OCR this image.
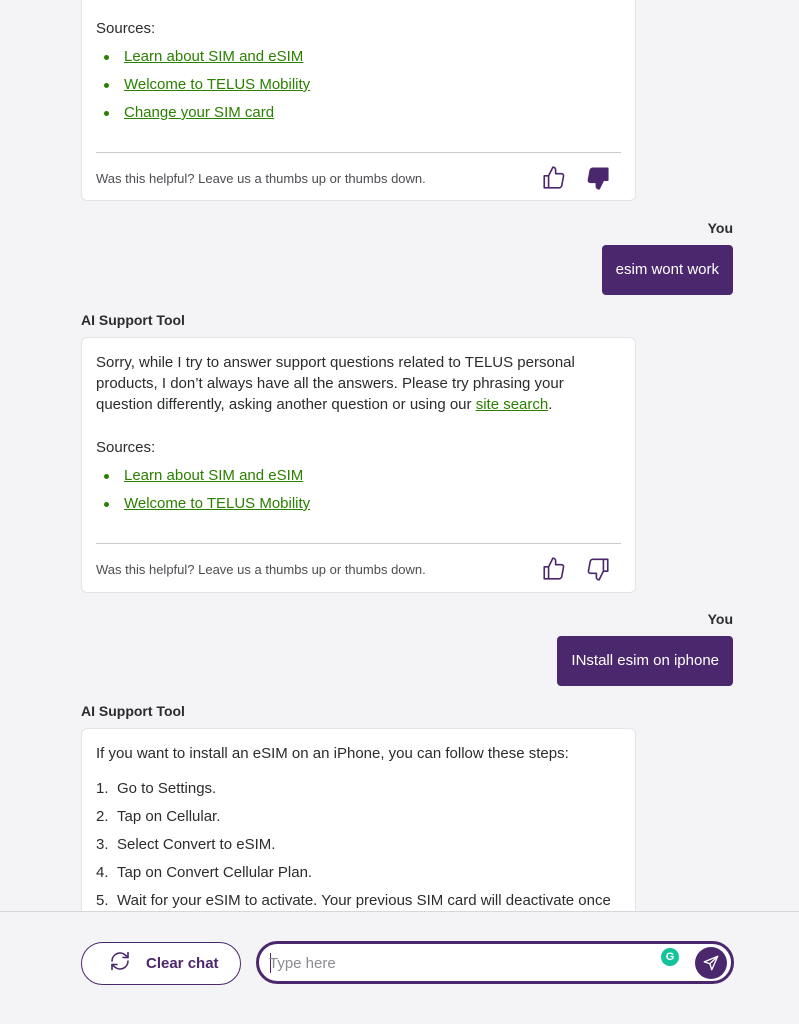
Sources:
Learn about SIM and eSIM
Welcome to TELUS Mobility
Change your SIM card
Was this helpful? Leave us a thumbs up or thumbs down.
You
esim wont work
AI Support Tool

Sorry, while I try to answer support questions related to TELUS personal products, I don’t always have all the answers. Please try phrasing your question differently, asking another question or using our site search.

Sources:
Learn about SIM and eSIM
Welcome to TELUS Mobility
Was this helpful? Leave us a thumbs up or thumbs down.
You
INstall esim on iphone
AI Support Tool

If you want to install an eSIM on an iPhone, you can follow these steps:

1. Go to Settings.
2. Tap on Cellular.
3. Select Convert to eSIM.
4. Tap on Convert Cellular Plan.
5. Wait for your eSIM to activate. Your previous SIM card will deactivate once
Clear chat
Type here	G
